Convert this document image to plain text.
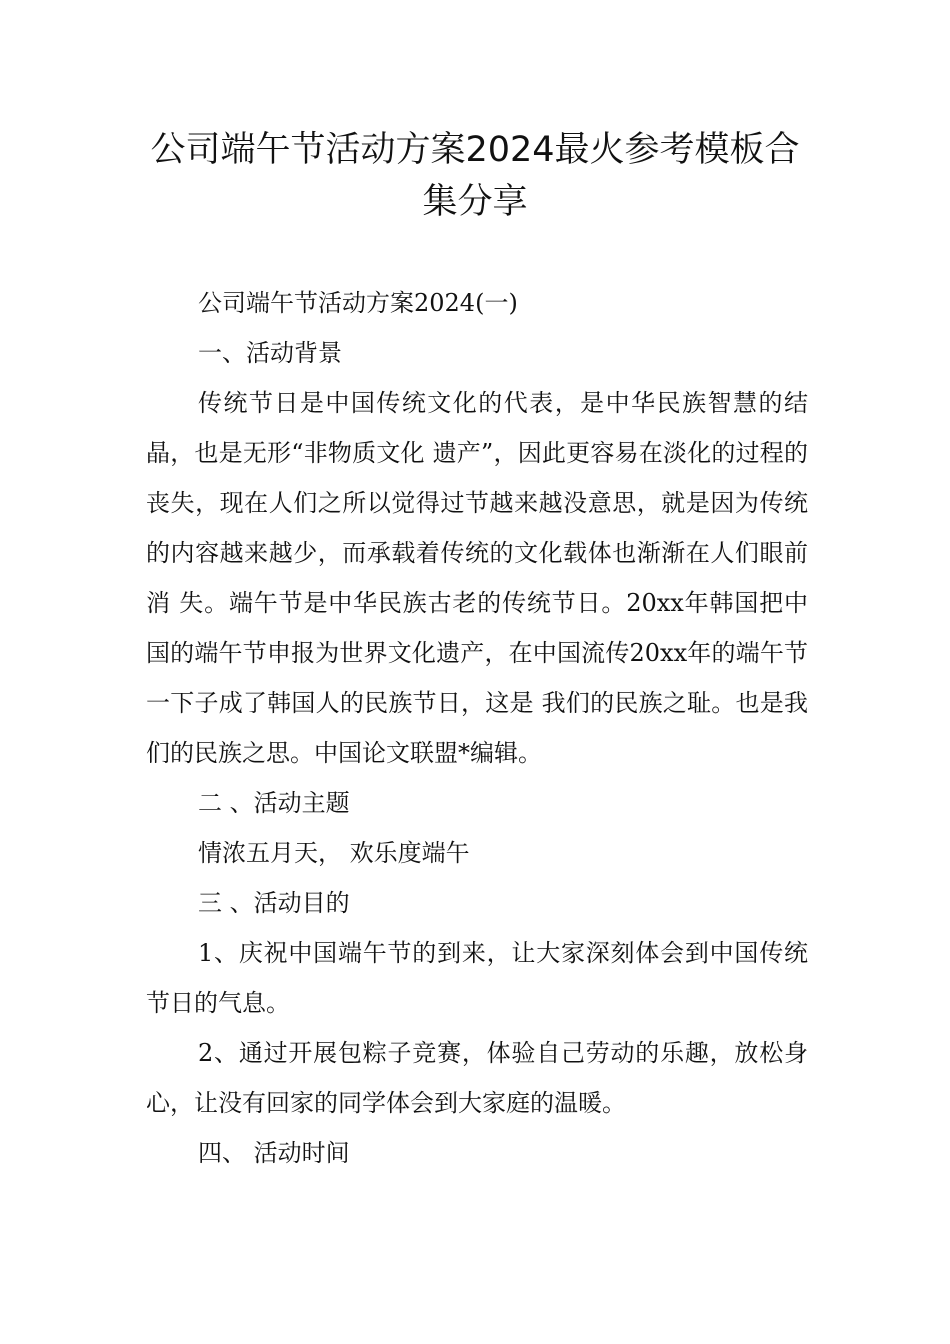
公司端午节活动方案2024最火参考模板合集分享

公司端午节活动方案2024(一)

一、活动背景

传统节日是中国传统文化的代表，是中华民族智慧的结晶，也是无形“非物质文化 遗产”，因此更容易在淡化的过程的丧失，现在人们之所以觉得过节越来越没意思，就是因为传统的内容越来越少，而承载着传统的文化载体也渐渐在人们眼前消 失。端午节是中华民族古老的传统节日。20xx年韩国把中国的端午节申报为世界文化遗产，在中国流传20xx年的端午节一下子成了韩国人的民族节日，这是 我们的民族之耻。也是我们的民族之思。中国论文联盟*编辑。

二 、活动主题

情浓五月天， 欢乐度端午

三 、活动目的

1、庆祝中国端午节的到来，让大家深刻体会到中国传统节日的气息。

2、通过开展包粽子竞赛，体验自己劳动的乐趣，放松身心，让没有回家的同学体会到大家庭的温暖。

四、 活动时间
